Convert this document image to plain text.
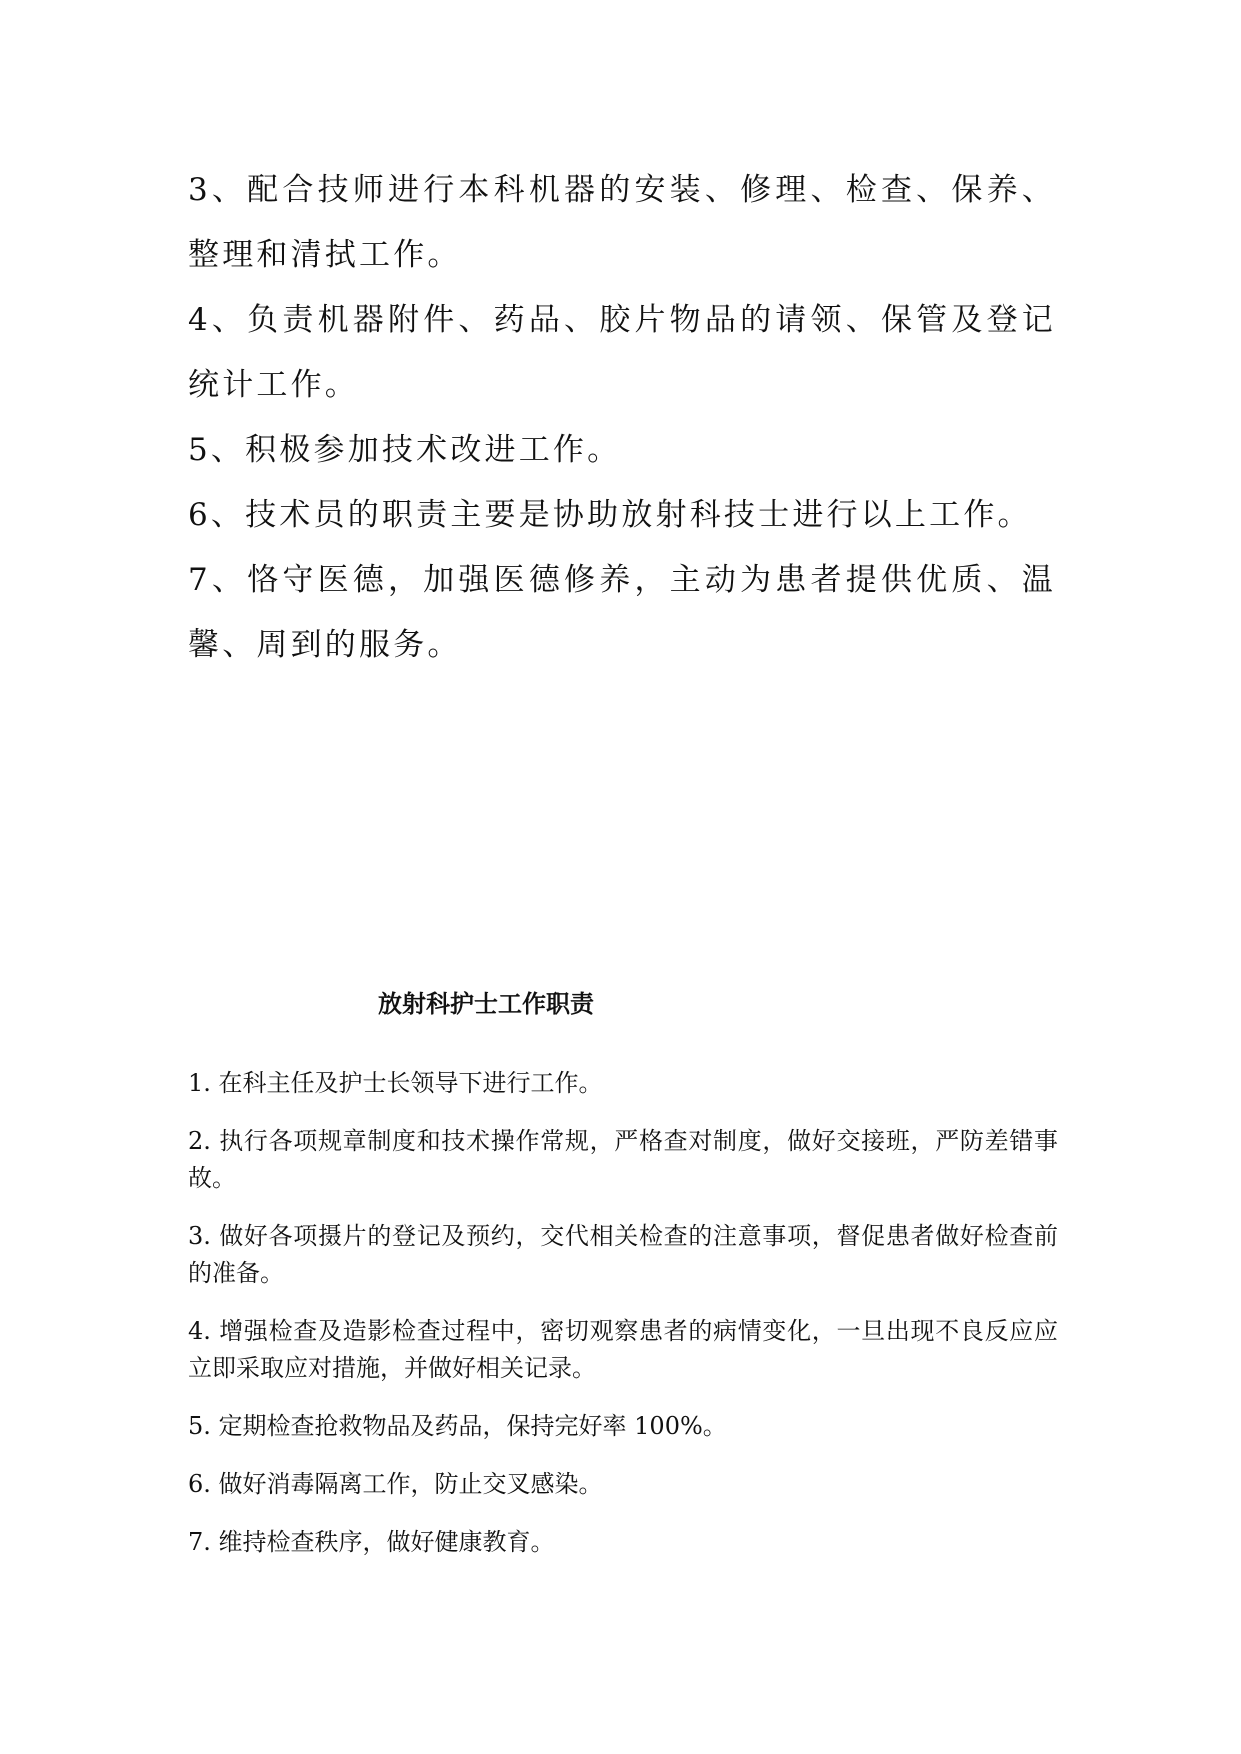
3、配合技师进行本科机器的安装、修理、检查、保养、整理和清拭工作。

4、负责机器附件、药品、胶片物品的请领、保管及登记统计工作。

5、积极参加技术改进工作。

6、技术员的职责主要是协助放射科技士进行以上工作。

7、恪守医德，加强医德修养，主动为患者提供优质、温馨、周到的服务。

放射科护士工作职责

1. 在科主任及护士长领导下进行工作。

2. 执行各项规章制度和技术操作常规，严格查对制度，做好交接班，严防差错事故。

3. 做好各项摄片的登记及预约，交代相关检查的注意事项，督促患者做好检查前的准备。

4. 增强检查及造影检查过程中，密切观察患者的病情变化，一旦出现不良反应应立即采取应对措施，并做好相关记录。

5. 定期检查抢救物品及药品，保持完好率 100%。

6. 做好消毒隔离工作，防止交叉感染。

7. 维持检查秩序，做好健康教育。
